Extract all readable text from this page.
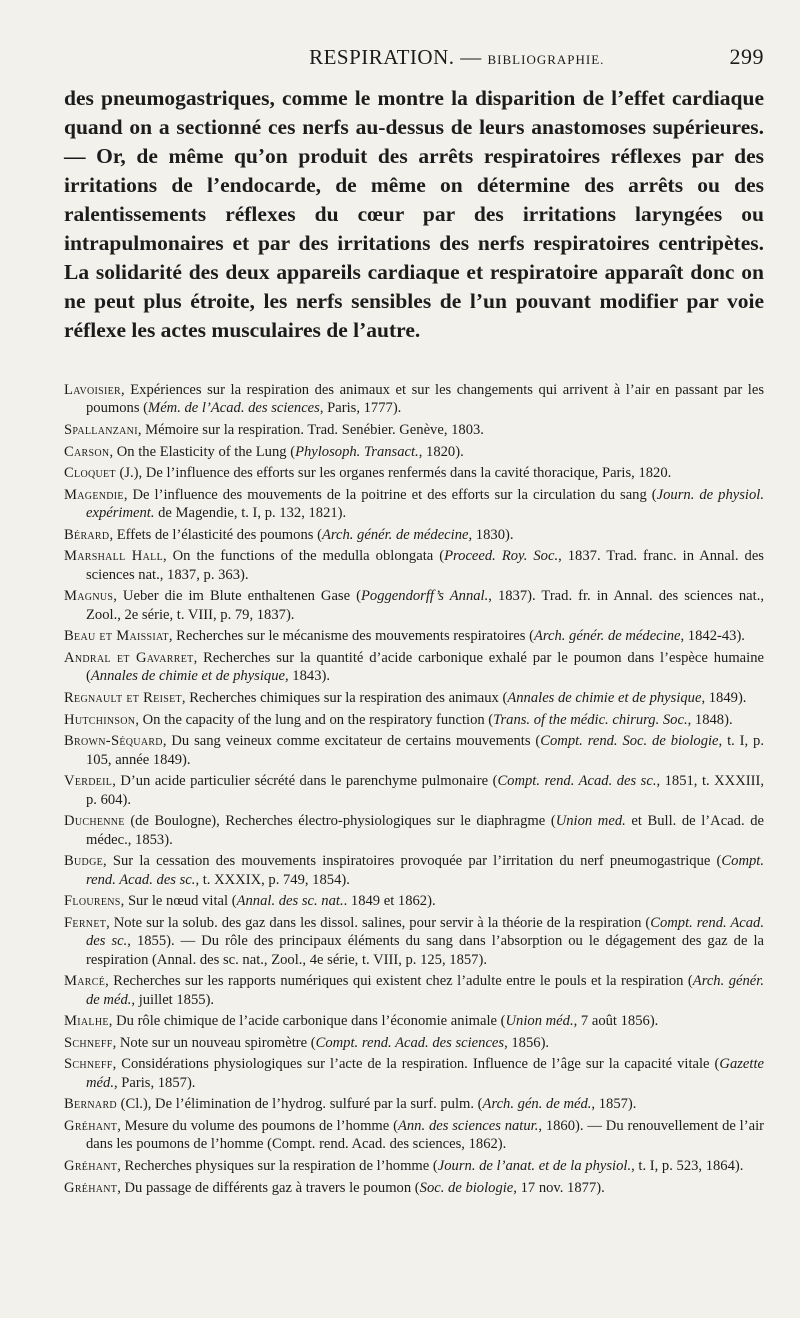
RESPIRATION. — BIBLIOGRAPHIE.	299

des pneumogastriques, comme le montre la disparition de l’effet cardiaque quand on a sectionné ces nerfs au-dessus de leurs anastomoses supérieures. — Or, de même qu’on produit des arrêts respiratoires réflexes par des irritations de l’endocarde, de même on détermine des arrêts ou des ralentissements réflexes du cœur par des irritations laryngées ou intrapulmonaires et par des irritations des nerfs respiratoires centripètes. La solidarité des deux appareils cardiaque et respiratoire apparaît donc on ne peut plus étroite, les nerfs sensibles de l’un pouvant modifier par voie réflexe les actes musculaires de l’autre.

Lavoisier, Expériences sur la respiration des animaux et sur les changements qui arrivent à l’air en passant par les poumons (Mém. de l’Acad. des sciences, Paris, 1777).

Spallanzani, Mémoire sur la respiration. Trad. Senébier. Genève, 1803.

Carson, On the Elasticity of the Lung (Phylosoph. Transact., 1820).

Cloquet (J.), De l’influence des efforts sur les organes renfermés dans la cavité thoracique, Paris, 1820.

Magendie, De l’influence des mouvements de la poitrine et des efforts sur la circulation du sang (Journ. de physiol. expériment. de Magendie, t. I, p. 132, 1821).

Bérard, Effets de l’élasticité des poumons (Arch. génér. de médecine, 1830).

Marshall Hall, On the functions of the medulla oblongata (Proceed. Roy. Soc., 1837. Trad. franc. in Annal. des sciences nat., 1837, p. 363).

Magnus, Ueber die im Blute enthaltenen Gase (Poggendorff’s Annal., 1837). Trad. fr. in Annal. des sciences nat., Zool., 2e série, t. VIII, p. 79, 1837).

Beau et Maissiat, Recherches sur le mécanisme des mouvements respiratoires (Arch. génér. de médecine, 1842-43).

Andral et Gavarret, Recherches sur la quantité d’acide carbonique exhalé par le poumon dans l’espèce humaine (Annales de chimie et de physique, 1843).

Regnault et Reiset, Recherches chimiques sur la respiration des animaux (Annales de chimie et de physique, 1849).

Hutchinson, On the capacity of the lung and on the respiratory function (Trans. of the médic. chirurg. Soc., 1848).

Brown-Séquard, Du sang veineux comme excitateur de certains mouvements (Compt. rend. Soc. de biologie, t. I, p. 105, année 1849).

Verdeil, D’un acide particulier sécrété dans le parenchyme pulmonaire (Compt. rend. Acad. des sc., 1851, t. XXXIII, p. 604).

Duchenne (de Boulogne), Recherches électro-physiologiques sur le diaphragme (Union med. et Bull. de l’Acad. de médec., 1853).

Budge, Sur la cessation des mouvements inspiratoires provoquée par l’irritation du nerf pneumogastrique (Compt. rend. Acad. des sc., t. XXXIX, p. 749, 1854).

Flourens, Sur le nœud vital (Annal. des sc. nat.. 1849 et 1862).

Fernet, Note sur la solub. des gaz dans les dissol. salines, pour servir à la théorie de la respiration (Compt. rend. Acad. des sc., 1855). — Du rôle des principaux éléments du sang dans l’absorption ou le dégagement des gaz de la respiration (Annal. des sc. nat., Zool., 4e série, t. VIII, p. 125, 1857).

Marcé, Recherches sur les rapports numériques qui existent chez l’adulte entre le pouls et la respiration (Arch. génér. de méd., juillet 1855).

Mialhe, Du rôle chimique de l’acide carbonique dans l’économie animale (Union méd., 7 août 1856).

Schneff, Note sur un nouveau spiromètre (Compt. rend. Acad. des sciences, 1856).

Schneff, Considérations physiologiques sur l’acte de la respiration. Influence de l’âge sur la capacité vitale (Gazette méd., Paris, 1857).

Bernard (Cl.), De l’élimination de l’hydrog. sulfuré par la surf. pulm. (Arch. gén. de méd., 1857).

Gréhant, Mesure du volume des poumons de l’homme (Ann. des sciences natur., 1860). — Du renouvellement de l’air dans les poumons de l’homme (Compt. rend. Acad. des sciences, 1862).

Gréhant, Recherches physiques sur la respiration de l’homme (Journ. de l’anat. et de la physiol., t. I, p. 523, 1864).

Gréhant, Du passage de différents gaz à travers le poumon (Soc. de biologie, 17 nov. 1877).
